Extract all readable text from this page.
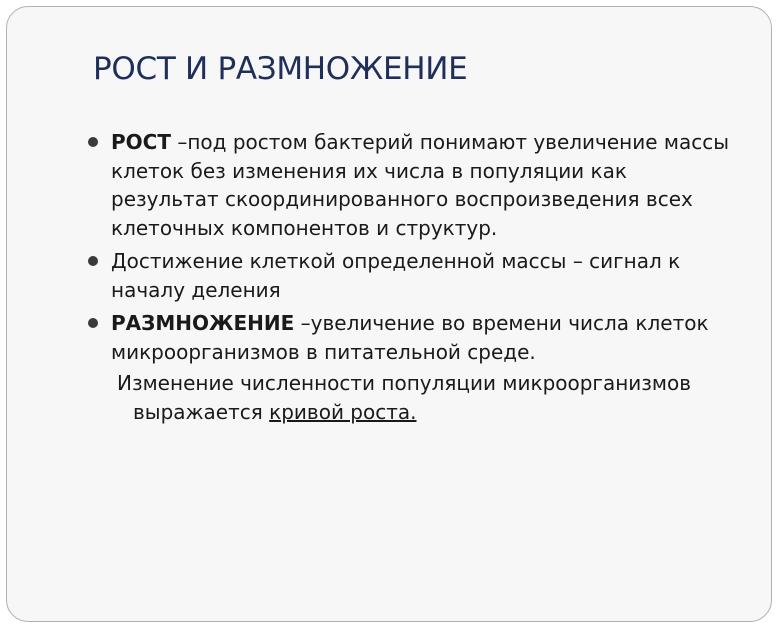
РОСТ И РАЗМНОЖЕНИЕ
РОСТ –под ростом бактерий понимают увеличение массы клеток без изменения их числа в популяции как результат скоординированного воспроизведения всех клеточных компонентов и структур.
Достижение клеткой определенной массы – сигнал к началу деления
РАЗМНОЖЕНИЕ –увеличение во времени числа клеток микроорганизмов в питательной среде.
Изменение численности популяции микроорганизмов выражается кривой роста.
